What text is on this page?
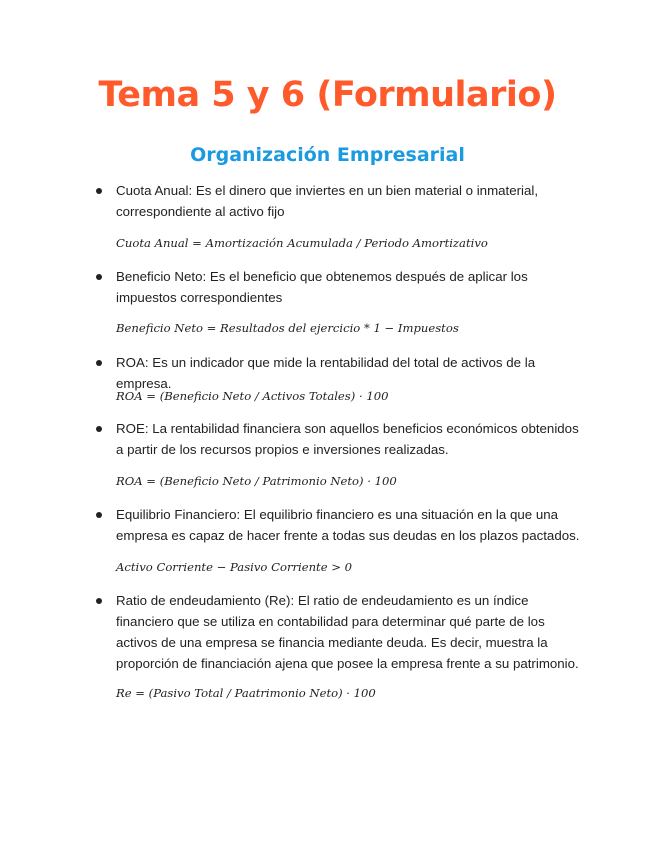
Tema 5 y 6 (Formulario)
Organización Empresarial
Cuota Anual: Es el dinero que inviertes en un bien material o inmaterial, correspondiente al activo fijo
Cuota Anual = Amortización Acumulada / Periodo Amortizativo
Beneficio Neto: Es el beneficio que obtenemos después de aplicar los impuestos correspondientes
Beneficio Neto = Resultados del ejercicio * 1 − Impuestos
ROA: Es un indicador que mide la rentabilidad del total de activos de la empresa.
ROA = (Beneficio Neto / Activos Totales) · 100
ROE: La rentabilidad financiera son aquellos beneficios económicos obtenidos a partir de los recursos propios e inversiones realizadas.
ROA = (Beneficio Neto / Patrimonio Neto) · 100
Equilibrio Financiero: El equilibrio financiero es una situación en la que una empresa es capaz de hacer frente a todas sus deudas en los plazos pactados.
Activo Corriente − Pasivo Corriente > 0
Ratio de endeudamiento (Re): El ratio de endeudamiento es un índice financiero que se utiliza en contabilidad para determinar qué parte de los activos de una empresa se financia mediante deuda. Es decir, muestra la proporción de financiación ajena que posee la empresa frente a su patrimonio.
Re = (Pasivo Total / Paatrimonio Neto) · 100
